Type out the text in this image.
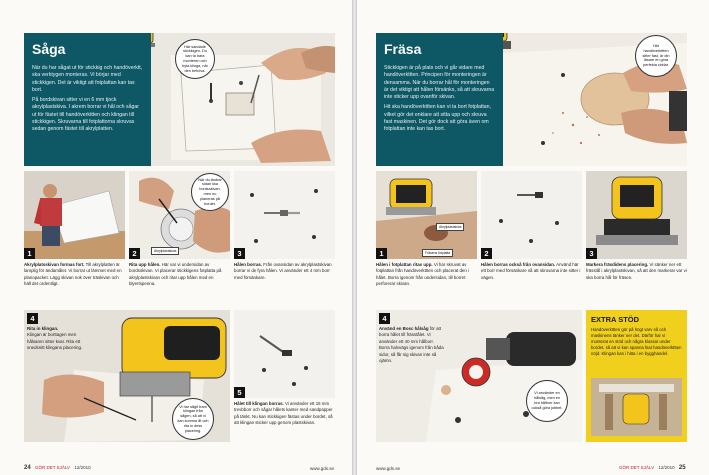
Såga

När du har sågat ut för stickkig och handöverktt, ska verktygen monteras. Vi börjar med stickkigen. Det är viktigt att fotplattan kan tas bort.

På bordskivan sitter vi en 6 mm tjock akrylplastskiva. I akrem borrar vi hål och sågar ut för fästet till handöverkttten och klingan till stickkigen. Skruvarna till fotplattorna skruvas sedan genom fästet till akrylplatten.

Här sandade stickkigen. Du kan ta bara monteren och byta klinga, när den behöva.
1
Akrylplatsskivan formas fort. Till akrylplatten är lamplig för ändamålet. Vi borrar ut lämmet med en planopacket. Lägg skivan nok över träskivan och häll det ordentligt.
När du ändrar sidan ska bordsskivan, men nu planeras på bordet.
Akrylplastskiva
2
Rita upp hålen. Här var vi undersidan av bordsskivan. Vi placerar stickkigens fotplatta på akrylplastskivan och ritar upp hålen med en blyertspenna.
3
Hålen borras. Från ovansidan av akrylplastskivan borrar vi de fyra hålen. Vi använder ett 4 mm borr med försänkare.
4
Rita in klingan.
Klingan är borttagen men hålsaren sitter kvar. Rita ett snedsnitt klingans placering.
Vi har sågit fram klingan från sågen, så att vi kan komma åt och rita in dess placering.
5
Hålet till klingan borras. Vi använder ett 15 mm trevbborr och sågar hålets kanter med sandpapper på tänkt. Nu kan stickkigen fästas under bordet, så att klingan sticker upp genom plastskivan.
24 GÖR DET SJÄLV 12/2010	www.gds.se
Fräsa

Stickkigen är på plats och vi går vidare med handöverkttten. Principen för monteringen är densamma. När du borrar hål för monteringen är det viktigt att hålen försänks, så att skruvarna inte sticker upp ovanför skivan.

Hit ska handöverkttten kan vi ta bort fotplattan, vilket gör det enklare att sitta upp och skruva fast maskinen. Det gör dock att göra även om fotplattan inte kan tas bort.

Här handöverkttten sitter fast, är din läsare en göra perfekta cirklar.
Akrylplastskiva
Fräsens fotplatta
1
Hålen i fotplattan ritas upp. Vi har skruvat av fotplattan från handöverkttten och placerat den i hålet. Borra igenom från undersidan, till borret perforerar skivan.
2
Hålen borras också från ovansidan. Använd här ett borr med försänkare så att skruvarna inte sitter i vägen.
3
Markera fräsdidens placering. Vi sänker ner ett frässtål i akrylplastskivan, så att den markerar var vi ska borra hål för fräsen.
4
Använd en Bosc hålsåg för att borra hålet till frässtålet. Vi använder ett 40 mm hålborr. Borra halvvägs igenom från båda sidor, så får sig skivan inte så ojämn.
Vi använder en hålsåg, men en bra hålborr kan också göra jobbet.
EXTRA STÖD

Handöverkttten gör på högt varv så och maskinens tänker ner det. Därför har vi monterat en stöd och några klossar under bordet, så att vi kan spanna fast handöverkttten nöjd. Klingan kan i hitta i en bygghandel.

www.gds.se	GÖR DET SJÄLV 12/2010 25
